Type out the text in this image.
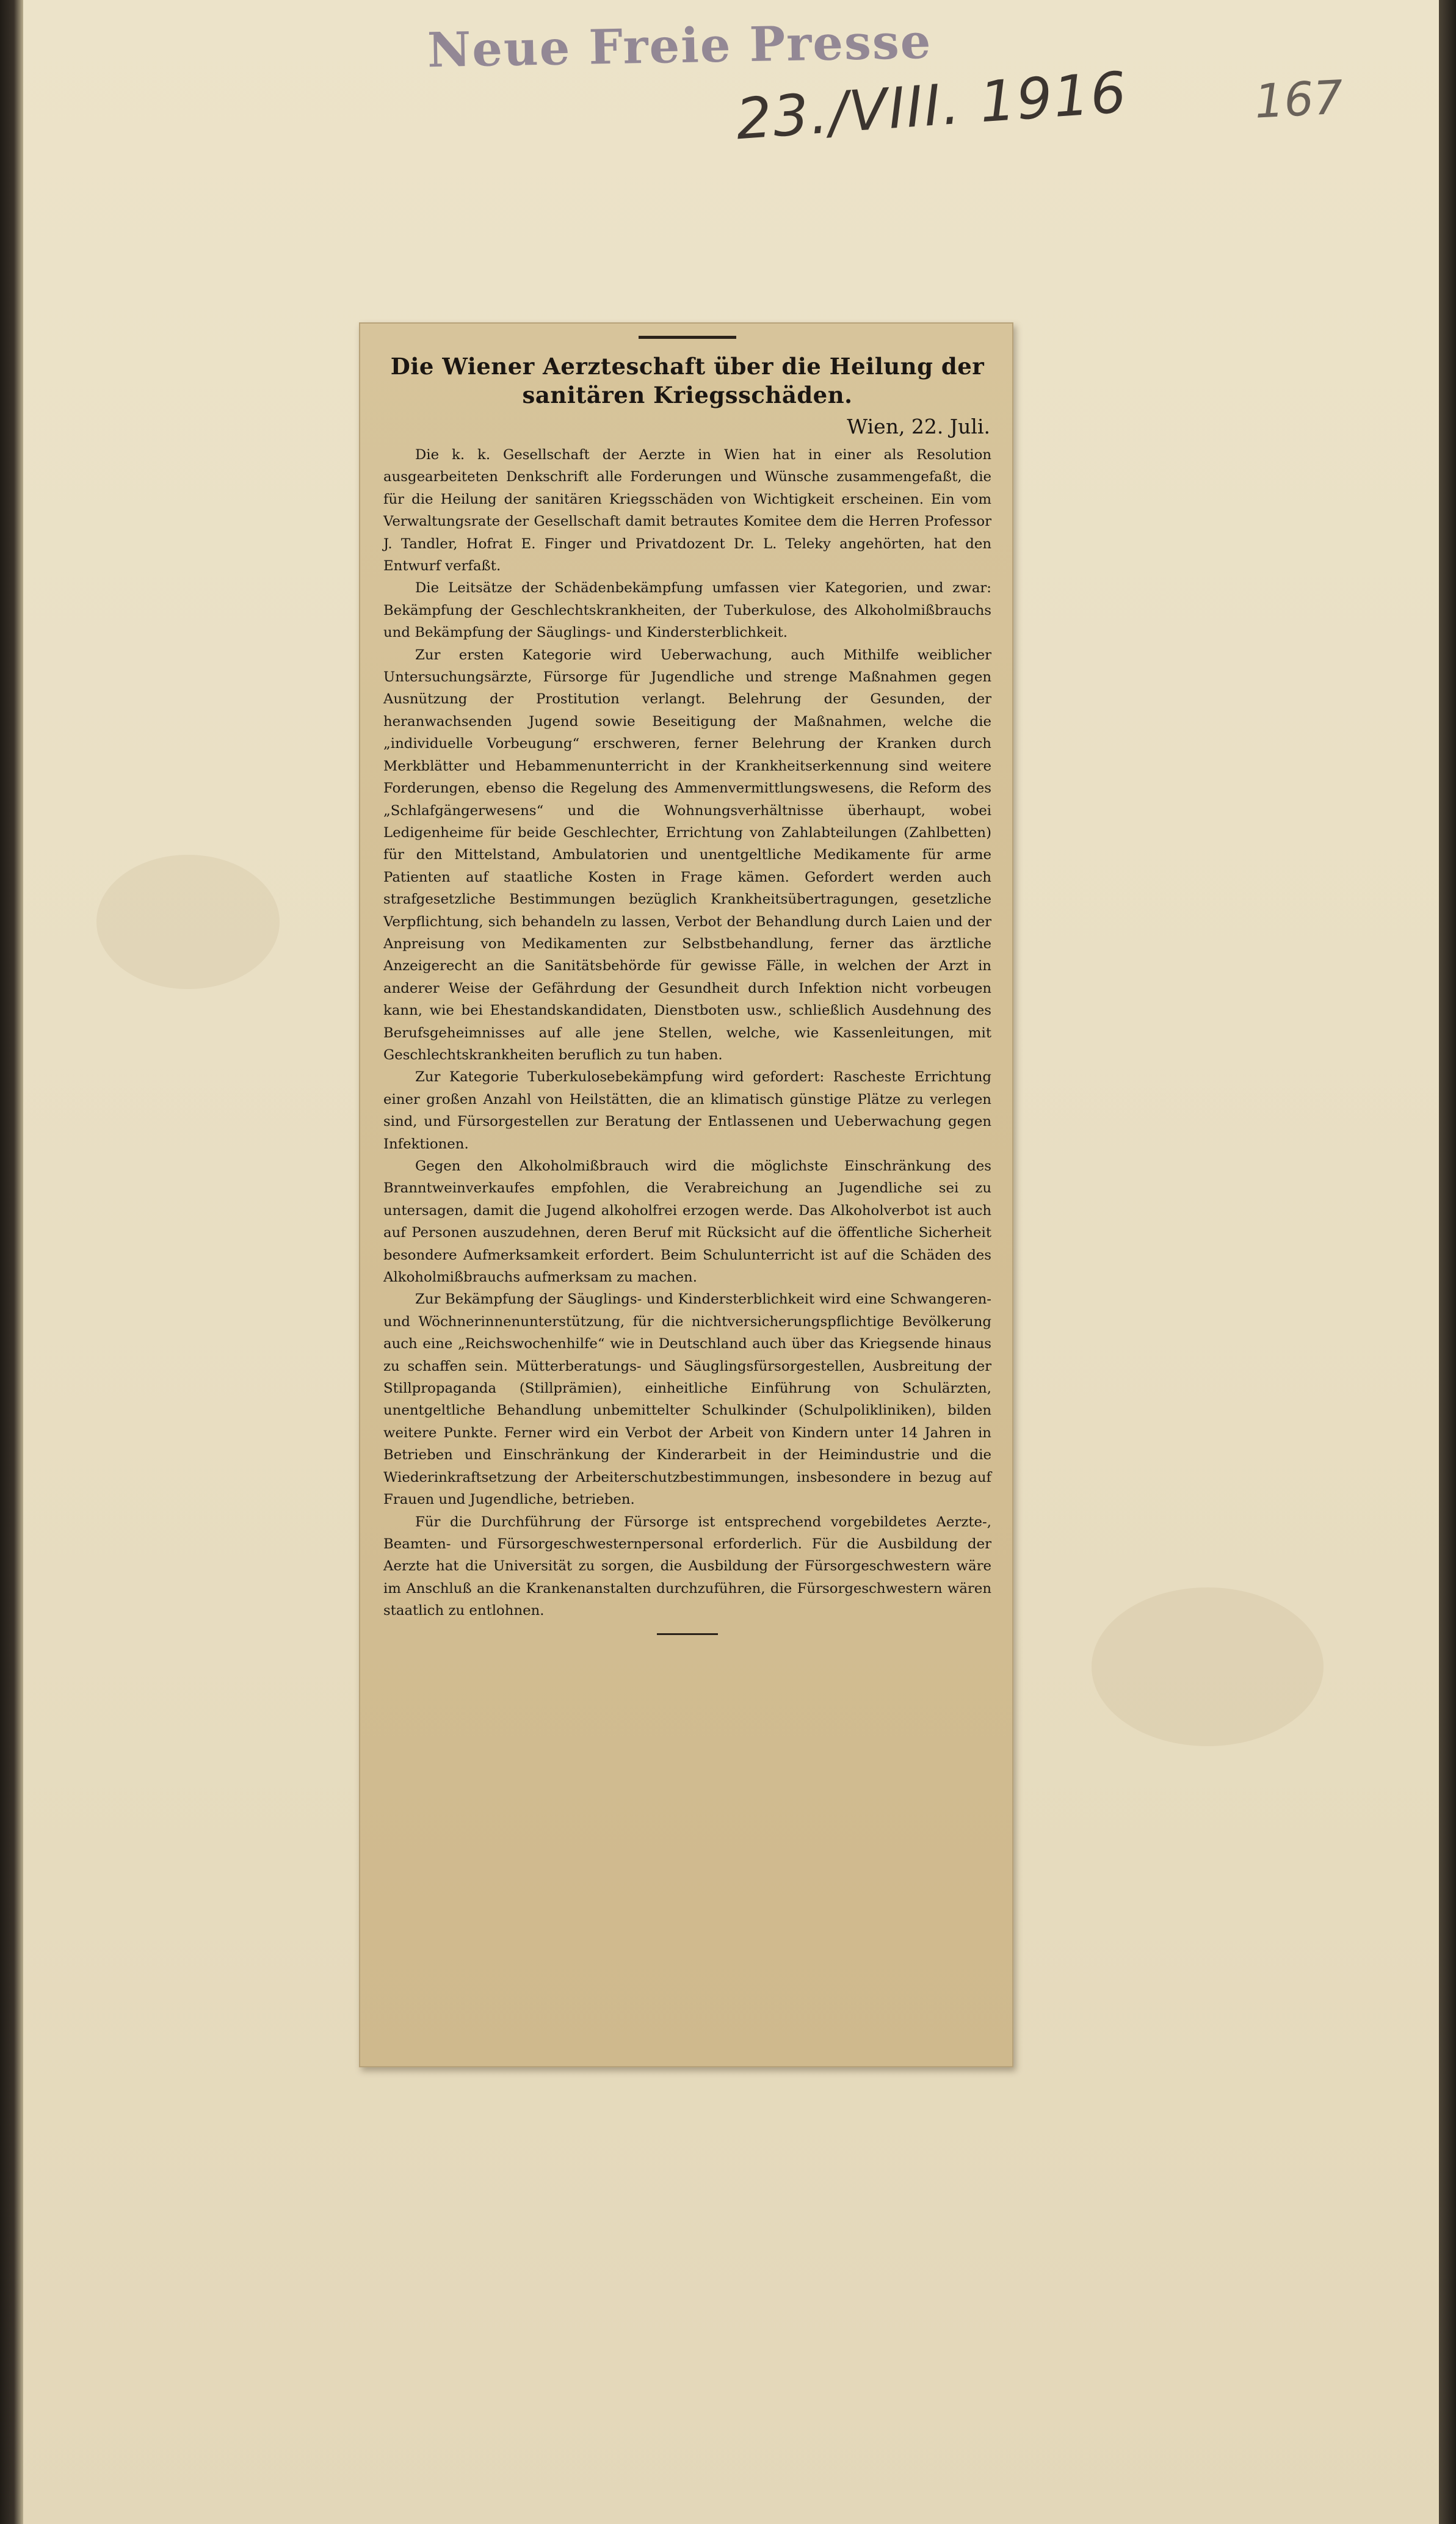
Neue Freie Presse
23./VIII. 1916	167
Die Wiener Aerzteschaft über die Heilung der
sanitären Kriegsschäden.
Wien, 22. Juli.

Die k. k. Gesellschaft der Aerzte in Wien hat in einer als Resolution ausgearbeiteten Denkschrift alle Forderungen und Wünsche zusammengefaßt, die für die Heilung der sanitären Kriegsschäden von Wichtigkeit erscheinen. Ein vom Verwaltungsrate der Gesellschaft damit betrautes Komitee dem die Herren Professor J. Tandler, Hofrat E. Finger und Privatdozent Dr. L. Teleky angehörten, hat den Entwurf verfaßt.

Die Leitsätze der Schädenbekämpfung umfassen vier Kategorien, und zwar: Bekämpfung der Geschlechtskrankheiten, der Tuberkulose, des Alkoholmißbrauchs und Bekämpfung der Säuglings- und Kindersterblichkeit.

Zur ersten Kategorie wird Ueberwachung, auch Mithilfe weiblicher Untersuchungsärzte, Fürsorge für Jugendliche und strenge Maßnahmen gegen Ausnützung der Prostitution verlangt. Belehrung der Gesunden, der heranwachsenden Jugend sowie Beseitigung der Maßnahmen, welche die „individuelle Vorbeugung“ erschweren, ferner Belehrung der Kranken durch Merkblätter und Hebammenunterricht in der Krankheitserkennung sind weitere Forderungen, ebenso die Regelung des Ammenvermittlungswesens, die Reform des „Schlafgängerwesens“ und die Wohnungsverhältnisse überhaupt, wobei Ledigenheime für beide Geschlechter, Errichtung von Zahlabteilungen (Zahlbetten) für den Mittelstand, Ambulatorien und unentgeltliche Medikamente für arme Patienten auf staatliche Kosten in Frage kämen. Gefordert werden auch strafgesetzliche Bestimmungen bezüglich Krankheitsübertragungen, gesetzliche Verpflichtung, sich behandeln zu lassen, Verbot der Behandlung durch Laien und der Anpreisung von Medikamenten zur Selbstbehandlung, ferner das ärztliche Anzeigerecht an die Sanitätsbehörde für gewisse Fälle, in welchen der Arzt in anderer Weise der Gefährdung der Gesundheit durch Infektion nicht vorbeugen kann, wie bei Ehestandskandidaten, Dienstboten usw., schließlich Ausdehnung des Berufsgeheimnisses auf alle jene Stellen, welche, wie Kassenleitungen, mit Geschlechtskrankheiten beruflich zu tun haben.

Zur Kategorie Tuberkulosebekämpfung wird gefordert: Rascheste Errichtung einer großen Anzahl von Heilstätten, die an klimatisch günstige Plätze zu verlegen sind, und Fürsorgestellen zur Beratung der Entlassenen und Ueberwachung gegen Infektionen.

Gegen den Alkoholmißbrauch wird die möglichste Einschränkung des Branntweinverkaufes empfohlen, die Verabreichung an Jugendliche sei zu untersagen, damit die Jugend alkoholfrei erzogen werde. Das Alkoholverbot ist auch auf Personen auszudehnen, deren Beruf mit Rücksicht auf die öffentliche Sicherheit besondere Aufmerksamkeit erfordert. Beim Schulunterricht ist auf die Schäden des Alkoholmißbrauchs aufmerksam zu machen.

Zur Bekämpfung der Säuglings- und Kindersterblichkeit wird eine Schwangeren- und Wöchnerinnenunterstützung, für die nichtversicherungspflichtige Bevölkerung auch eine „Reichswochenhilfe“ wie in Deutschland auch über das Kriegsende hinaus zu schaffen sein. Mütterberatungs- und Säuglingsfürsorgestellen, Ausbreitung der Stillpropaganda (Stillprämien), einheitliche Einführung von Schulärzten, unentgeltliche Behandlung unbemittelter Schulkinder (Schulpolikliniken), bilden weitere Punkte. Ferner wird ein Verbot der Arbeit von Kindern unter 14 Jahren in Betrieben und Einschränkung der Kinderarbeit in der Heimindustrie und die Wiederinkraftsetzung der Arbeiterschutzbestimmungen, insbesondere in bezug auf Frauen und Jugendliche, betrieben.

Für die Durchführung der Fürsorge ist entsprechend vorgebildetes Aerzte-, Beamten- und Fürsorgeschwesternpersonal erforderlich. Für die Ausbildung der Aerzte hat die Universität zu sorgen, die Ausbildung der Fürsorgeschwestern wäre im Anschluß an die Krankenanstalten durchzuführen, die Fürsorgeschwestern wären staatlich zu entlohnen.
